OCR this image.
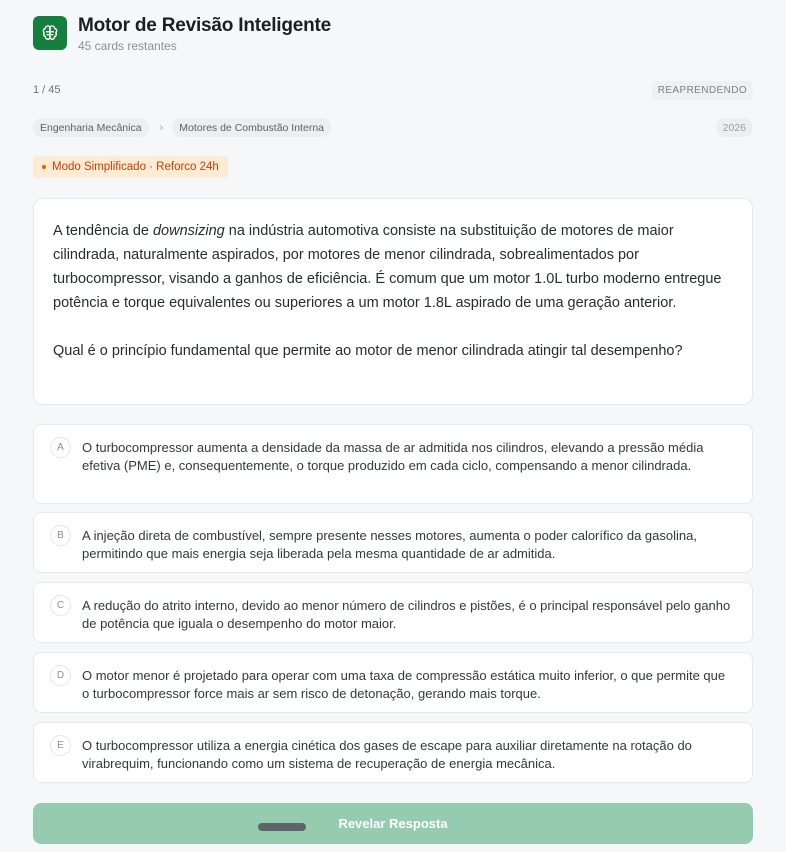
Motor de Revisão Inteligente
45 cards restantes
1 / 45	REAPRENDENDO
Engenharia Mecânica	›	Motores de Combustão Interna	2026
Modo Simplificado · Reforco 24h

A tendência de downsizing na indústria automotiva consiste na substituição de motores de maior cilindrada, naturalmente aspirados, por motores de menor cilindrada, sobrealimentados por turbocompressor, visando a ganhos de eficiência. É comum que um motor 1.0L turbo moderno entregue potência e torque equivalentes ou superiores a um motor 1.8L aspirado de uma geração anterior.

Qual é o princípio fundamental que permite ao motor de menor cilindrada atingir tal desempenho?

A	O turbocompressor aumenta a densidade da massa de ar admitida nos cilindros, elevando a pressão média efetiva (PME) e, consequentemente, o torque produzido em cada ciclo, compensando a menor cilindrada.
B	A injeção direta de combustível, sempre presente nesses motores, aumenta o poder calorífico da gasolina, permitindo que mais energia seja liberada pela mesma quantidade de ar admitida.
C	A redução do atrito interno, devido ao menor número de cilindros e pistões, é o principal responsável pelo ganho de potência que iguala o desempenho do motor maior.
D	O motor menor é projetado para operar com uma taxa de compressão estática muito inferior, o que permite que o turbocompressor force mais ar sem risco de detonação, gerando mais torque.
E	O turbocompressor utiliza a energia cinética dos gases de escape para auxiliar diretamente na rotação do virabrequim, funcionando como um sistema de recuperação de energia mecânica.
Revelar Resposta
